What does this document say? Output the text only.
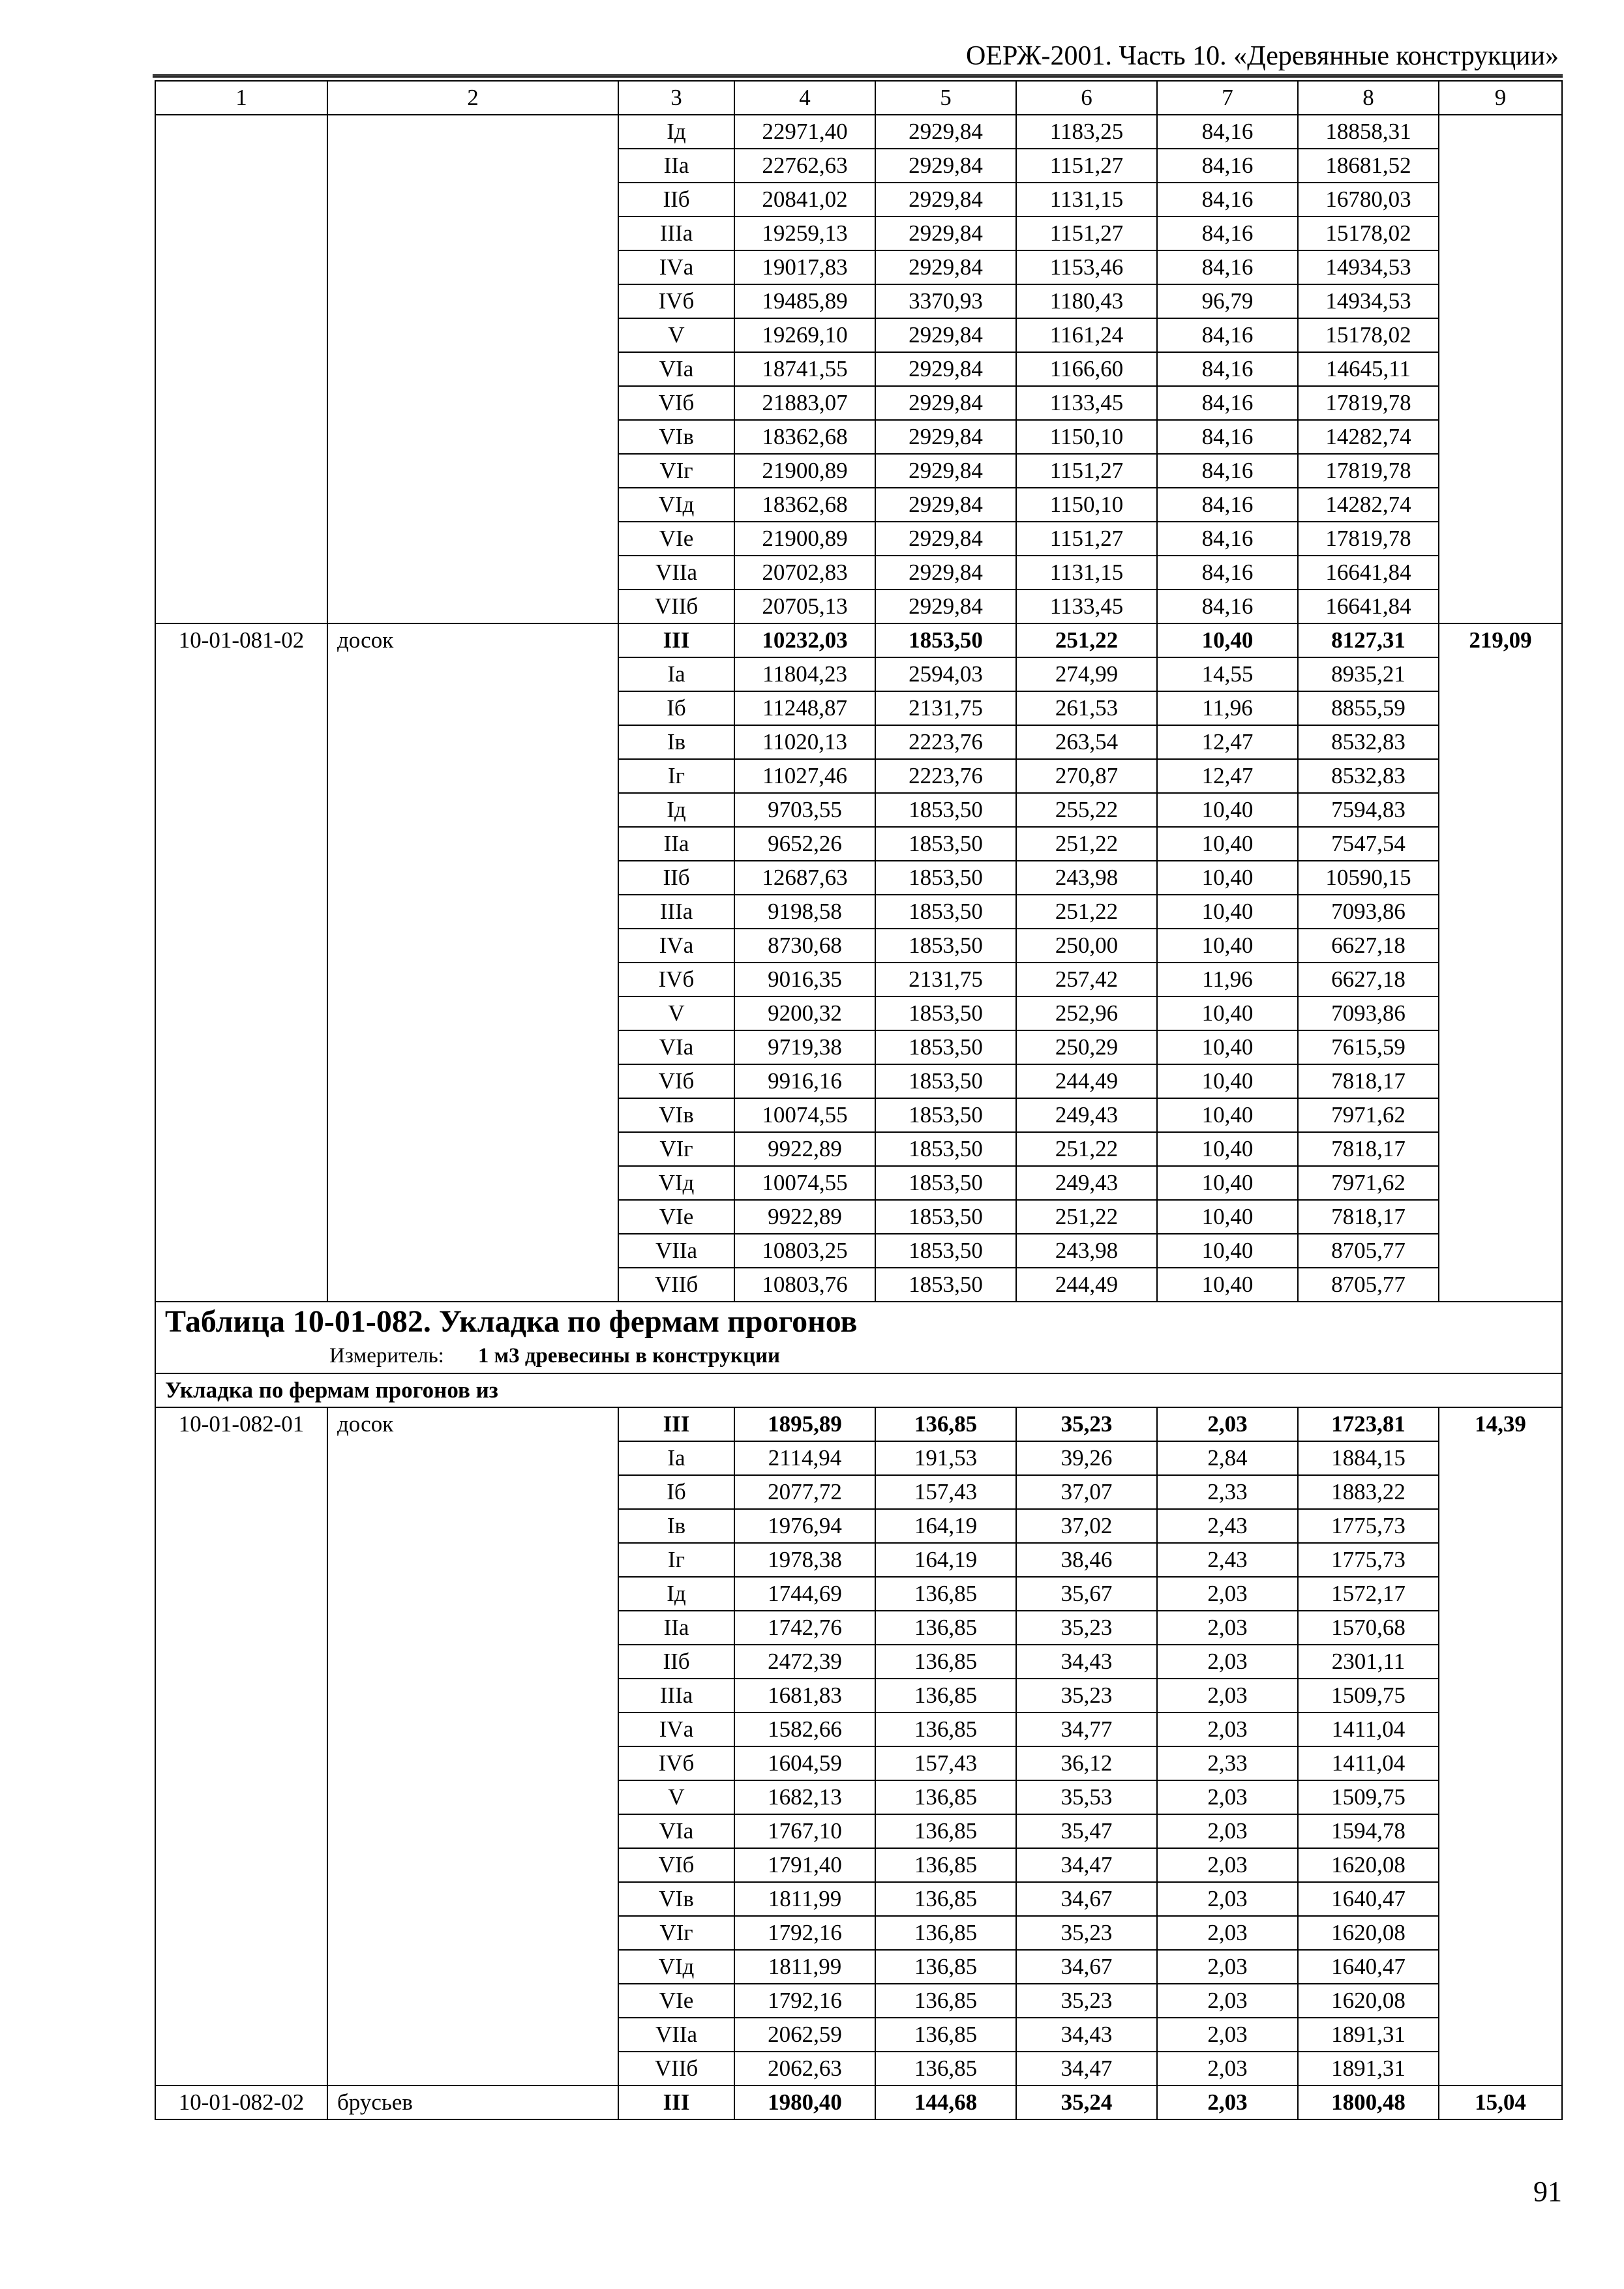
ОЕРЖ-2001. Часть 10. «Деревянные конструкции»
1	2	3	4	5	6	7	8	9
		Iд	22971,40	2929,84	1183,25	84,16	18858,31	
		IIа	22762,63	2929,84	1151,27	84,16	18681,52	
		IIб	20841,02	2929,84	1131,15	84,16	16780,03	
		IIIа	19259,13	2929,84	1151,27	84,16	15178,02	
		IVа	19017,83	2929,84	1153,46	84,16	14934,53	
		IVб	19485,89	3370,93	1180,43	96,79	14934,53	
		V	19269,10	2929,84	1161,24	84,16	15178,02	
		VIа	18741,55	2929,84	1166,60	84,16	14645,11	
		VIб	21883,07	2929,84	1133,45	84,16	17819,78	
		VIв	18362,68	2929,84	1150,10	84,16	14282,74	
		VIг	21900,89	2929,84	1151,27	84,16	17819,78	
		VIд	18362,68	2929,84	1150,10	84,16	14282,74	
		VIе	21900,89	2929,84	1151,27	84,16	17819,78	
		VIIа	20702,83	2929,84	1131,15	84,16	16641,84	
		VIIб	20705,13	2929,84	1133,45	84,16	16641,84	
10-01-081-02	досок	III	10232,03	1853,50	251,22	10,40	8127,31	219,09
		Iа	11804,23	2594,03	274,99	14,55	8935,21	
		Iб	11248,87	2131,75	261,53	11,96	8855,59	
		Iв	11020,13	2223,76	263,54	12,47	8532,83	
		Iг	11027,46	2223,76	270,87	12,47	8532,83	
		Iд	9703,55	1853,50	255,22	10,40	7594,83	
		IIа	9652,26	1853,50	251,22	10,40	7547,54	
		IIб	12687,63	1853,50	243,98	10,40	10590,15	
		IIIа	9198,58	1853,50	251,22	10,40	7093,86	
		IVа	8730,68	1853,50	250,00	10,40	6627,18	
		IVб	9016,35	2131,75	257,42	11,96	6627,18	
		V	9200,32	1853,50	252,96	10,40	7093,86	
		VIа	9719,38	1853,50	250,29	10,40	7615,59	
		VIб	9916,16	1853,50	244,49	10,40	7818,17	
		VIв	10074,55	1853,50	249,43	10,40	7971,62	
		VIг	9922,89	1853,50	251,22	10,40	7818,17	
		VIд	10074,55	1853,50	249,43	10,40	7971,62	
		VIе	9922,89	1853,50	251,22	10,40	7818,17	
		VIIа	10803,25	1853,50	243,98	10,40	8705,77	
		VIIб	10803,76	1853,50	244,49	10,40	8705,77	

Таблица 10-01-082. Укладка по фермам прогонов
Измеритель: 1 м3 древесины в конструкции								

Укладка по фермам прогонов из								
10-01-082-01	досок	III	1895,89	136,85	35,23	2,03	1723,81	14,39
		Iа	2114,94	191,53	39,26	2,84	1884,15	
		Iб	2077,72	157,43	37,07	2,33	1883,22	
		Iв	1976,94	164,19	37,02	2,43	1775,73	
		Iг	1978,38	164,19	38,46	2,43	1775,73	
		Iд	1744,69	136,85	35,67	2,03	1572,17	
		IIа	1742,76	136,85	35,23	2,03	1570,68	
		IIб	2472,39	136,85	34,43	2,03	2301,11	
		IIIа	1681,83	136,85	35,23	2,03	1509,75	
		IVа	1582,66	136,85	34,77	2,03	1411,04	
		IVб	1604,59	157,43	36,12	2,33	1411,04	
		V	1682,13	136,85	35,53	2,03	1509,75	
		VIа	1767,10	136,85	35,47	2,03	1594,78	
		VIб	1791,40	136,85	34,47	2,03	1620,08	
		VIв	1811,99	136,85	34,67	2,03	1640,47	
		VIг	1792,16	136,85	35,23	2,03	1620,08	
		VIд	1811,99	136,85	34,67	2,03	1640,47	
		VIе	1792,16	136,85	35,23	2,03	1620,08	
		VIIа	2062,59	136,85	34,43	2,03	1891,31	
		VIIб	2062,63	136,85	34,47	2,03	1891,31	
10-01-082-02	брусьев	III	1980,40	144,68	35,24	2,03	1800,48	15,04
91
